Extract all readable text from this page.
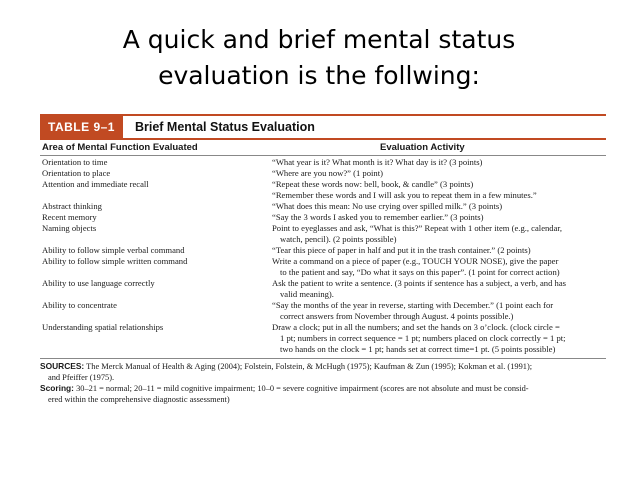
A quick and brief mental status
evaluation is the follwing:
TABLE 9–1	Brief Mental Status Evaluation
Area of Mental Function Evaluated	Evaluation Activity
Orientation to time	“What year is it? What month is it? What day is it? (3 points)
Orientation to place	“Where are you now?” (1 point)
Attention and immediate recall	“Repeat these words now: bell, book, & candle” (3 points)
“Remember these words and I will ask you to repeat them in a few minutes.”
Abstract thinking	“What does this mean: No use crying over spilled milk.” (3 points)
Recent memory	“Say the 3 words I asked you to remember earlier.” (3 points)
Naming objects	Point to eyeglasses and ask, “What is this?” Repeat with 1 other item (e.g., calendar,
watch, pencil). (2 points possible)
Ability to follow simple verbal command	“Tear this piece of paper in half and put it in the trash container.” (2 points)
Ability to follow simple written command	Write a command on a piece of paper (e.g., TOUCH YOUR NOSE), give the paper
to the patient and say, “Do what it says on this paper”. (1 point for correct action)
Ability to use language correctly	Ask the patient to write a sentence. (3 points if sentence has a subject, a verb, and has
valid meaning).
Ability to concentrate	“Say the months of the year in reverse, starting with December.” (1 point each for
correct answers from November through August. 4 points possible.)
Understanding spatial relationships	Draw a clock; put in all the numbers; and set the hands on 3 o’clock. (clock circle =
1 pt; numbers in correct sequence = 1 pt; numbers placed on clock correctly = 1 pt;
two hands on the clock = 1 pt; hands set at correct time=1 pt. (5 points possible)
SOURCES: The Merck Manual of Health & Aging (2004); Folstein, Folstein, & McHugh (1975); Kaufman & Zun (1995); Kokman et al. (1991);
and Pfeiffer (1975).
Scoring: 30–21 = normal; 20–11 = mild cognitive impairment; 10–0 = severe cognitive impairment (scores are not absolute and must be consid-
ered within the comprehensive diagnostic assessment)
